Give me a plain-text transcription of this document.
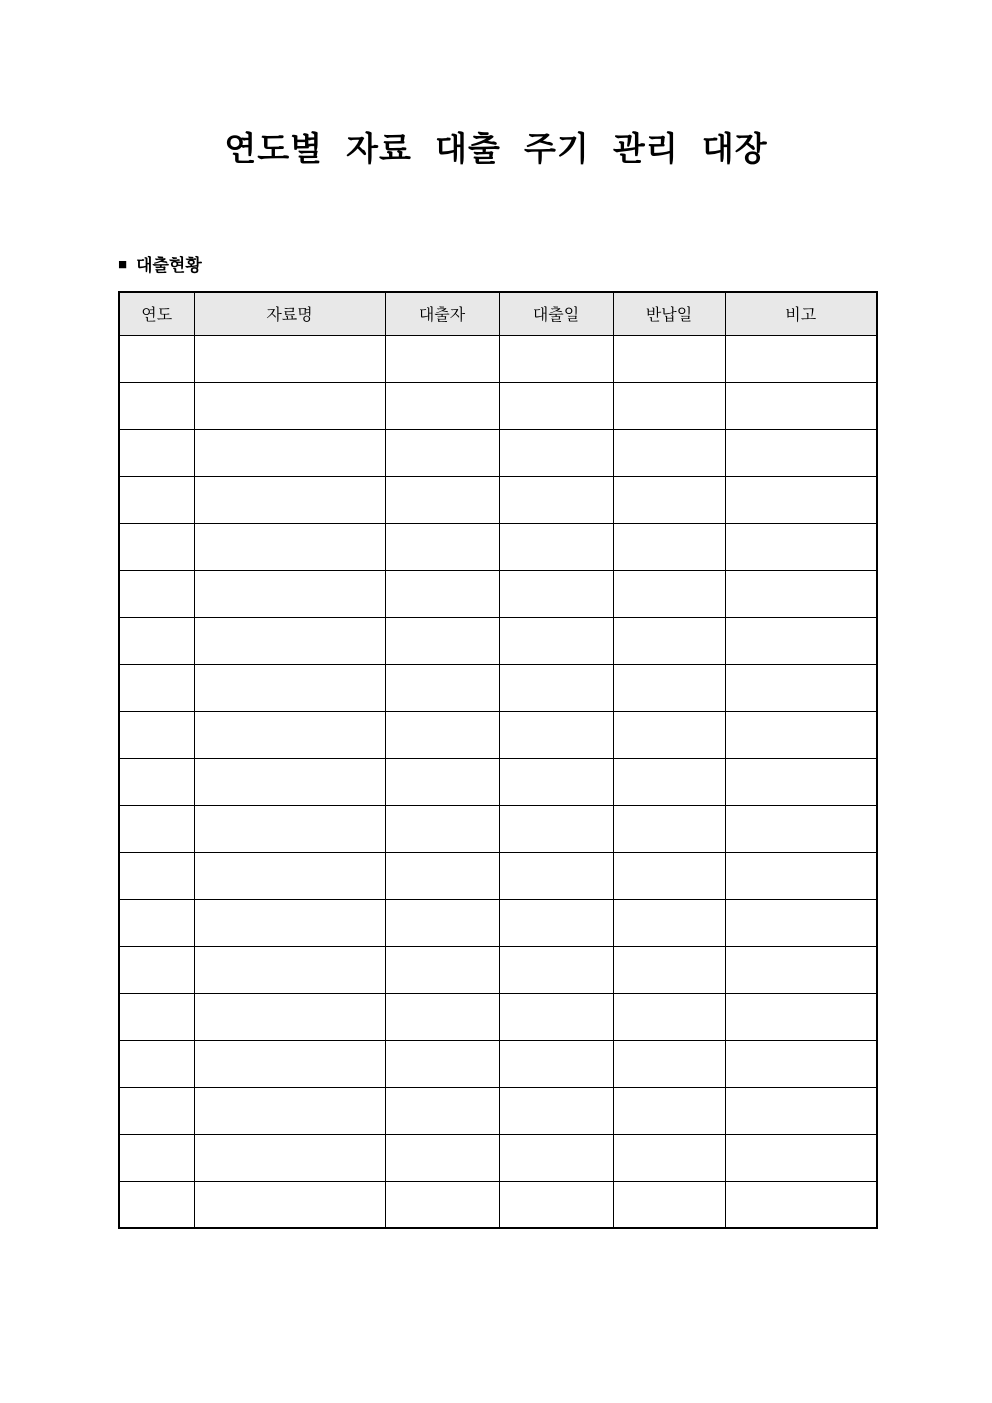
연도별 자료 대출 주기 관리 대장
■ 대출현황
연도	자료명	대출자	대출일	반납일	비고
